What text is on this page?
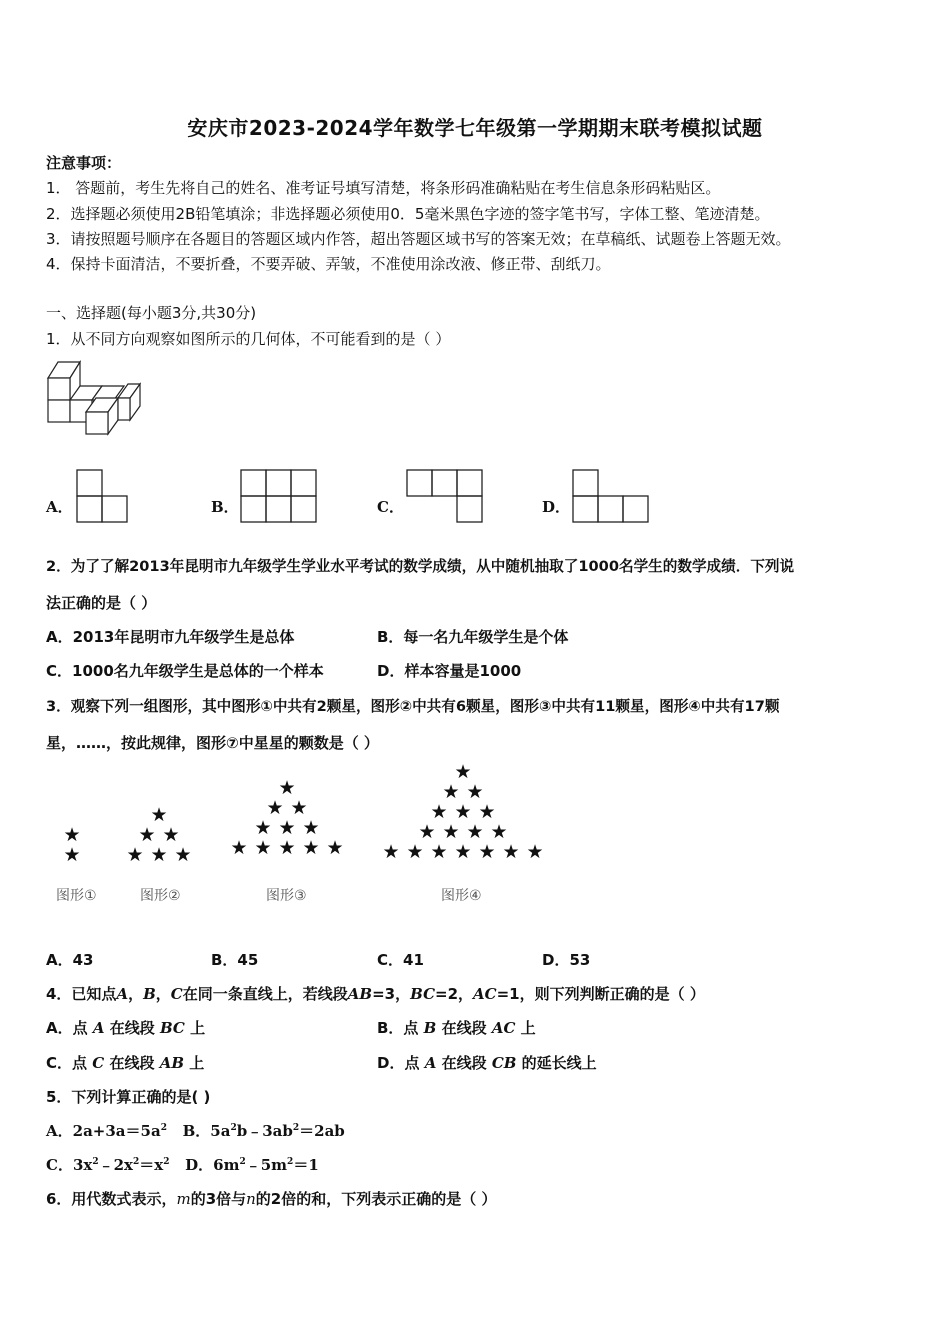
安庆市2023-2024学年数学七年级第一学期期末联考模拟试题
注意事项：
1． 答题前，考生先将自己的姓名、准考证号填写清楚，将条形码准确粘贴在考生信息条形码粘贴区。
2．选择题必须使用2B铅笔填涂；非选择题必须使用0．5毫米黑色字迹的签字笔书写，字体工整、笔迹清楚。
3．请按照题号顺序在各题目的答题区域内作答，超出答题区域书写的答案无效；在草稿纸、试题卷上答题无效。
4．保持卡面清洁，不要折叠，不要弄破、弄皱，不准使用涂改液、修正带、刮纸刀。
一、选择题(每小题3分,共30分)
1．从不同方向观察如图所示的几何体，不可能看到的是（ ）
A．	B．	C．	D．
2．为了了解2013年昆明市九年级学生学业水平考试的数学成绩，从中随机抽取了1000名学生的数学成绩．下列说
法正确的是（ ）
A．2013年昆明市九年级学生是总体	B．每一名九年级学生是个体
C．1000名九年级学生是总体的一个样本	D．样本容量是1000
3．观察下列一组图形，其中图形①中共有2颗星，图形②中共有6颗星，图形③中共有11颗星，图形④中共有17颗
星，……，按此规律，图形⑦中星星的颗数是（ ）
★
★
★
★ ★
★ ★ ★
★
★ ★
★ ★ ★
★ ★ ★ ★ ★
★
★ ★
★ ★ ★
★ ★ ★ ★
★ ★ ★ ★ ★ ★ ★
图形①	图形②	图形③	图形④
A．43	B．45	C．41	D．53
4．已知点A，B，C在同一条直线上，若线段AB=3，BC=2，AC=1，则下列判断正确的是（ ）
A．点 A 在线段 BC 上	B．点 B 在线段 AC 上
C．点 C 在线段 AB 上	D．点 A 在线段 CB 的延长线上
5．下列计算正确的是( )
A．$2a+3a=5a^2$ B．$5a^2b﹣3ab^2=2ab$
C．$3x^2﹣2x^2=x^2$ D．$6m^2﹣5m^2=1$
6．用代数式表示，m的3倍与n的2倍的和，下列表示正确的是（ ）
